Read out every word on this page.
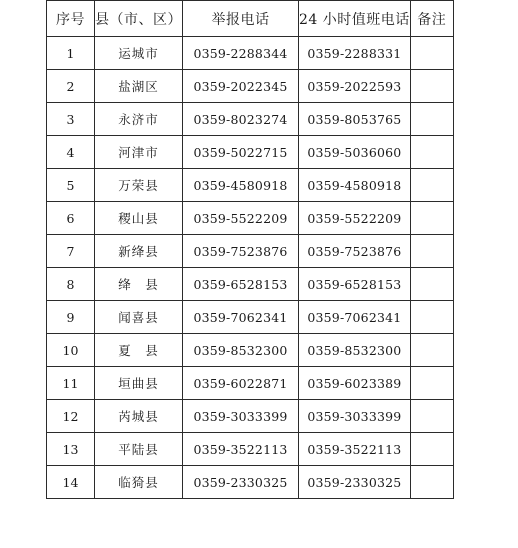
序号	县（市、区）	举报电话	24 小时值班电话	备注
1	运城市	0359-2288344	0359-2288331	
2	盐湖区	0359-2022345	0359-2022593	
3	永济市	0359-8023274	0359-8053765	
4	河津市	0359-5022715	0359-5036060	
5	万荣县	0359-4580918	0359-4580918	
6	稷山县	0359-5522209	0359-5522209	
7	新绛县	0359-7523876	0359-7523876	
8	绛　县	0359-6528153	0359-6528153	
9	闻喜县	0359-7062341	0359-7062341	
10	夏　县	0359-8532300	0359-8532300	
11	垣曲县	0359-6022871	0359-6023389	
12	芮城县	0359-3033399	0359-3033399	
13	平陆县	0359-3522113	0359-3522113	
14	临猗县	0359-2330325	0359-2330325	
